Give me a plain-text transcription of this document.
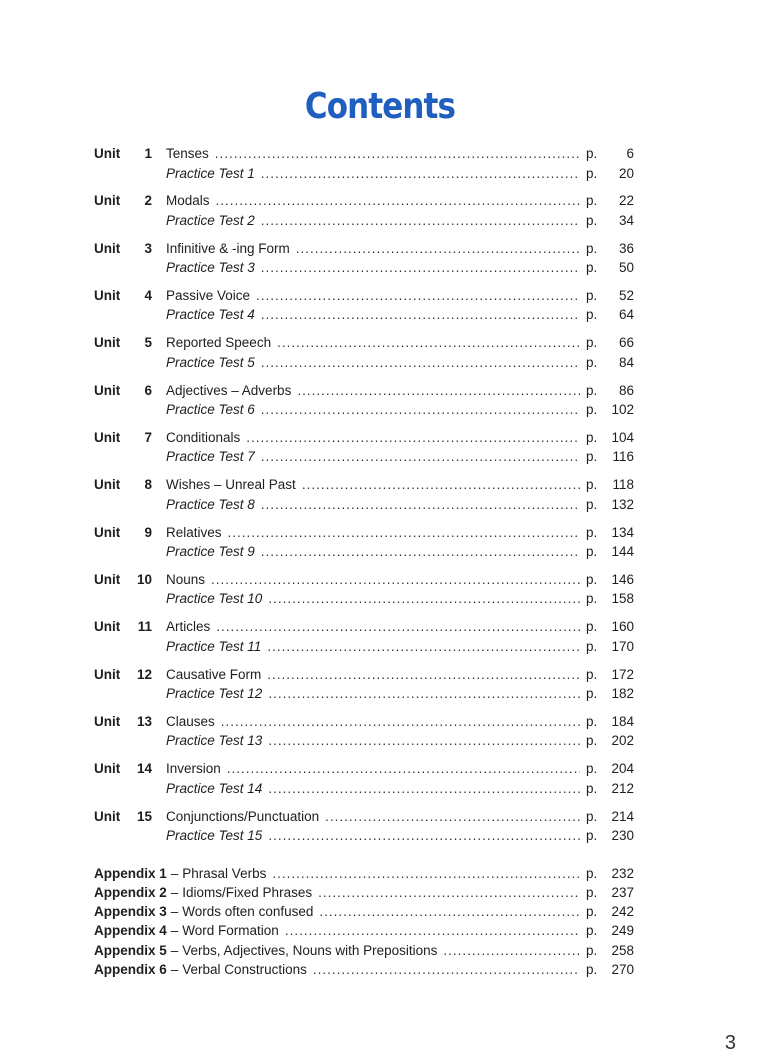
Contents
Unit	1	Tenses .....	p.	6
Practice Test 1 .....	p.	20
Unit	2	Modals .....	p.	22
Practice Test 2 .....	p.	34
Unit	3	Infinitive & -ing Form .....	p.	36
Practice Test 3 .....	p.	50
Unit	4	Passive Voice .....	p.	52
Practice Test 4 .....	p.	64
Unit	5	Reported Speech .....	p.	66
Practice Test 5 .....	p.	84
Unit	6	Adjectives – Adverbs .....	p.	86
Practice Test 6 .....	p.	102
Unit	7	Conditionals .....	p.	104
Practice Test 7 .....	p.	116
Unit	8	Wishes – Unreal Past .....	p.	118
Practice Test 8 .....	p.	132
Unit	9	Relatives .....	p.	134
Practice Test 9 .....	p.	144
Unit	10	Nouns .....	p.	146
Practice Test 10 .....	p.	158
Unit	11	Articles .....	p.	160
Practice Test 11 .....	p.	170
Unit	12	Causative Form .....	p.	172
Practice Test 12 .....	p.	182
Unit	13	Clauses .....	p.	184
Practice Test 13 .....	p.	202
Unit	14	Inversion .....	p.	204
Practice Test 14 .....	p.	212
Unit	15	Conjunctions/Punctuation .....	p.	214
Practice Test 15 .....	p.	230
Appendix 1 – Phrasal Verbs .....	p.	232
Appendix 2 – Idioms/Fixed Phrases .....	p.	237
Appendix 3 – Words often confused .....	p.	242
Appendix 4 – Word Formation .....	p.	249
Appendix 5 – Verbs, Adjectives, Nouns with Prepositions .....	p.	258
Appendix 6 – Verbal Constructions .....	p.	270
3
